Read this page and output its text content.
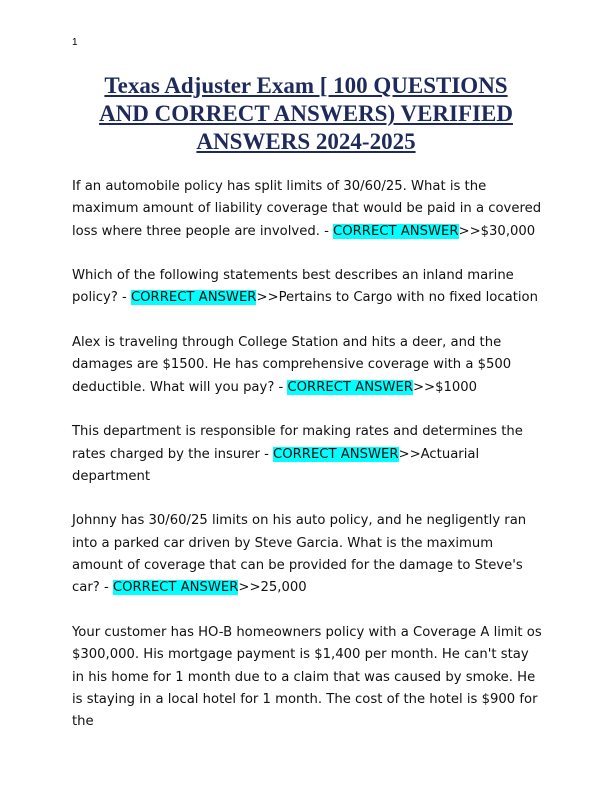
1
Texas Adjuster Exam [ 100 QUESTIONS
AND CORRECT ANSWERS) VERIFIED
ANSWERS 2024-2025

If an automobile policy has split limits of 30/60/25. What is the maximum amount of liability coverage that would be paid in a covered loss where three people are involved. - CORRECT ANSWER>>$30,000

Which of the following statements best describes an inland marine policy? - CORRECT ANSWER>>Pertains to Cargo with no fixed location

Alex is traveling through College Station and hits a deer, and the damages are $1500. He has comprehensive coverage with a $500 deductible. What will you pay? - CORRECT ANSWER>>$1000

This department is responsible for making rates and determines the rates charged by the insurer - CORRECT ANSWER>>Actuarial department

Johnny has 30/60/25 limits on his auto policy, and he negligently ran into a parked car driven by Steve Garcia. What is the maximum amount of coverage that can be provided for the damage to Steve's car? - CORRECT ANSWER>>25,000

Your customer has HO-B homeowners policy with a Coverage A limit os $300,000. His mortgage payment is $1,400 per month. He can't stay in his home for 1 month due to a claim that was caused by smoke. He is staying in a local hotel for 1 month. The cost of the hotel is $900 for the
